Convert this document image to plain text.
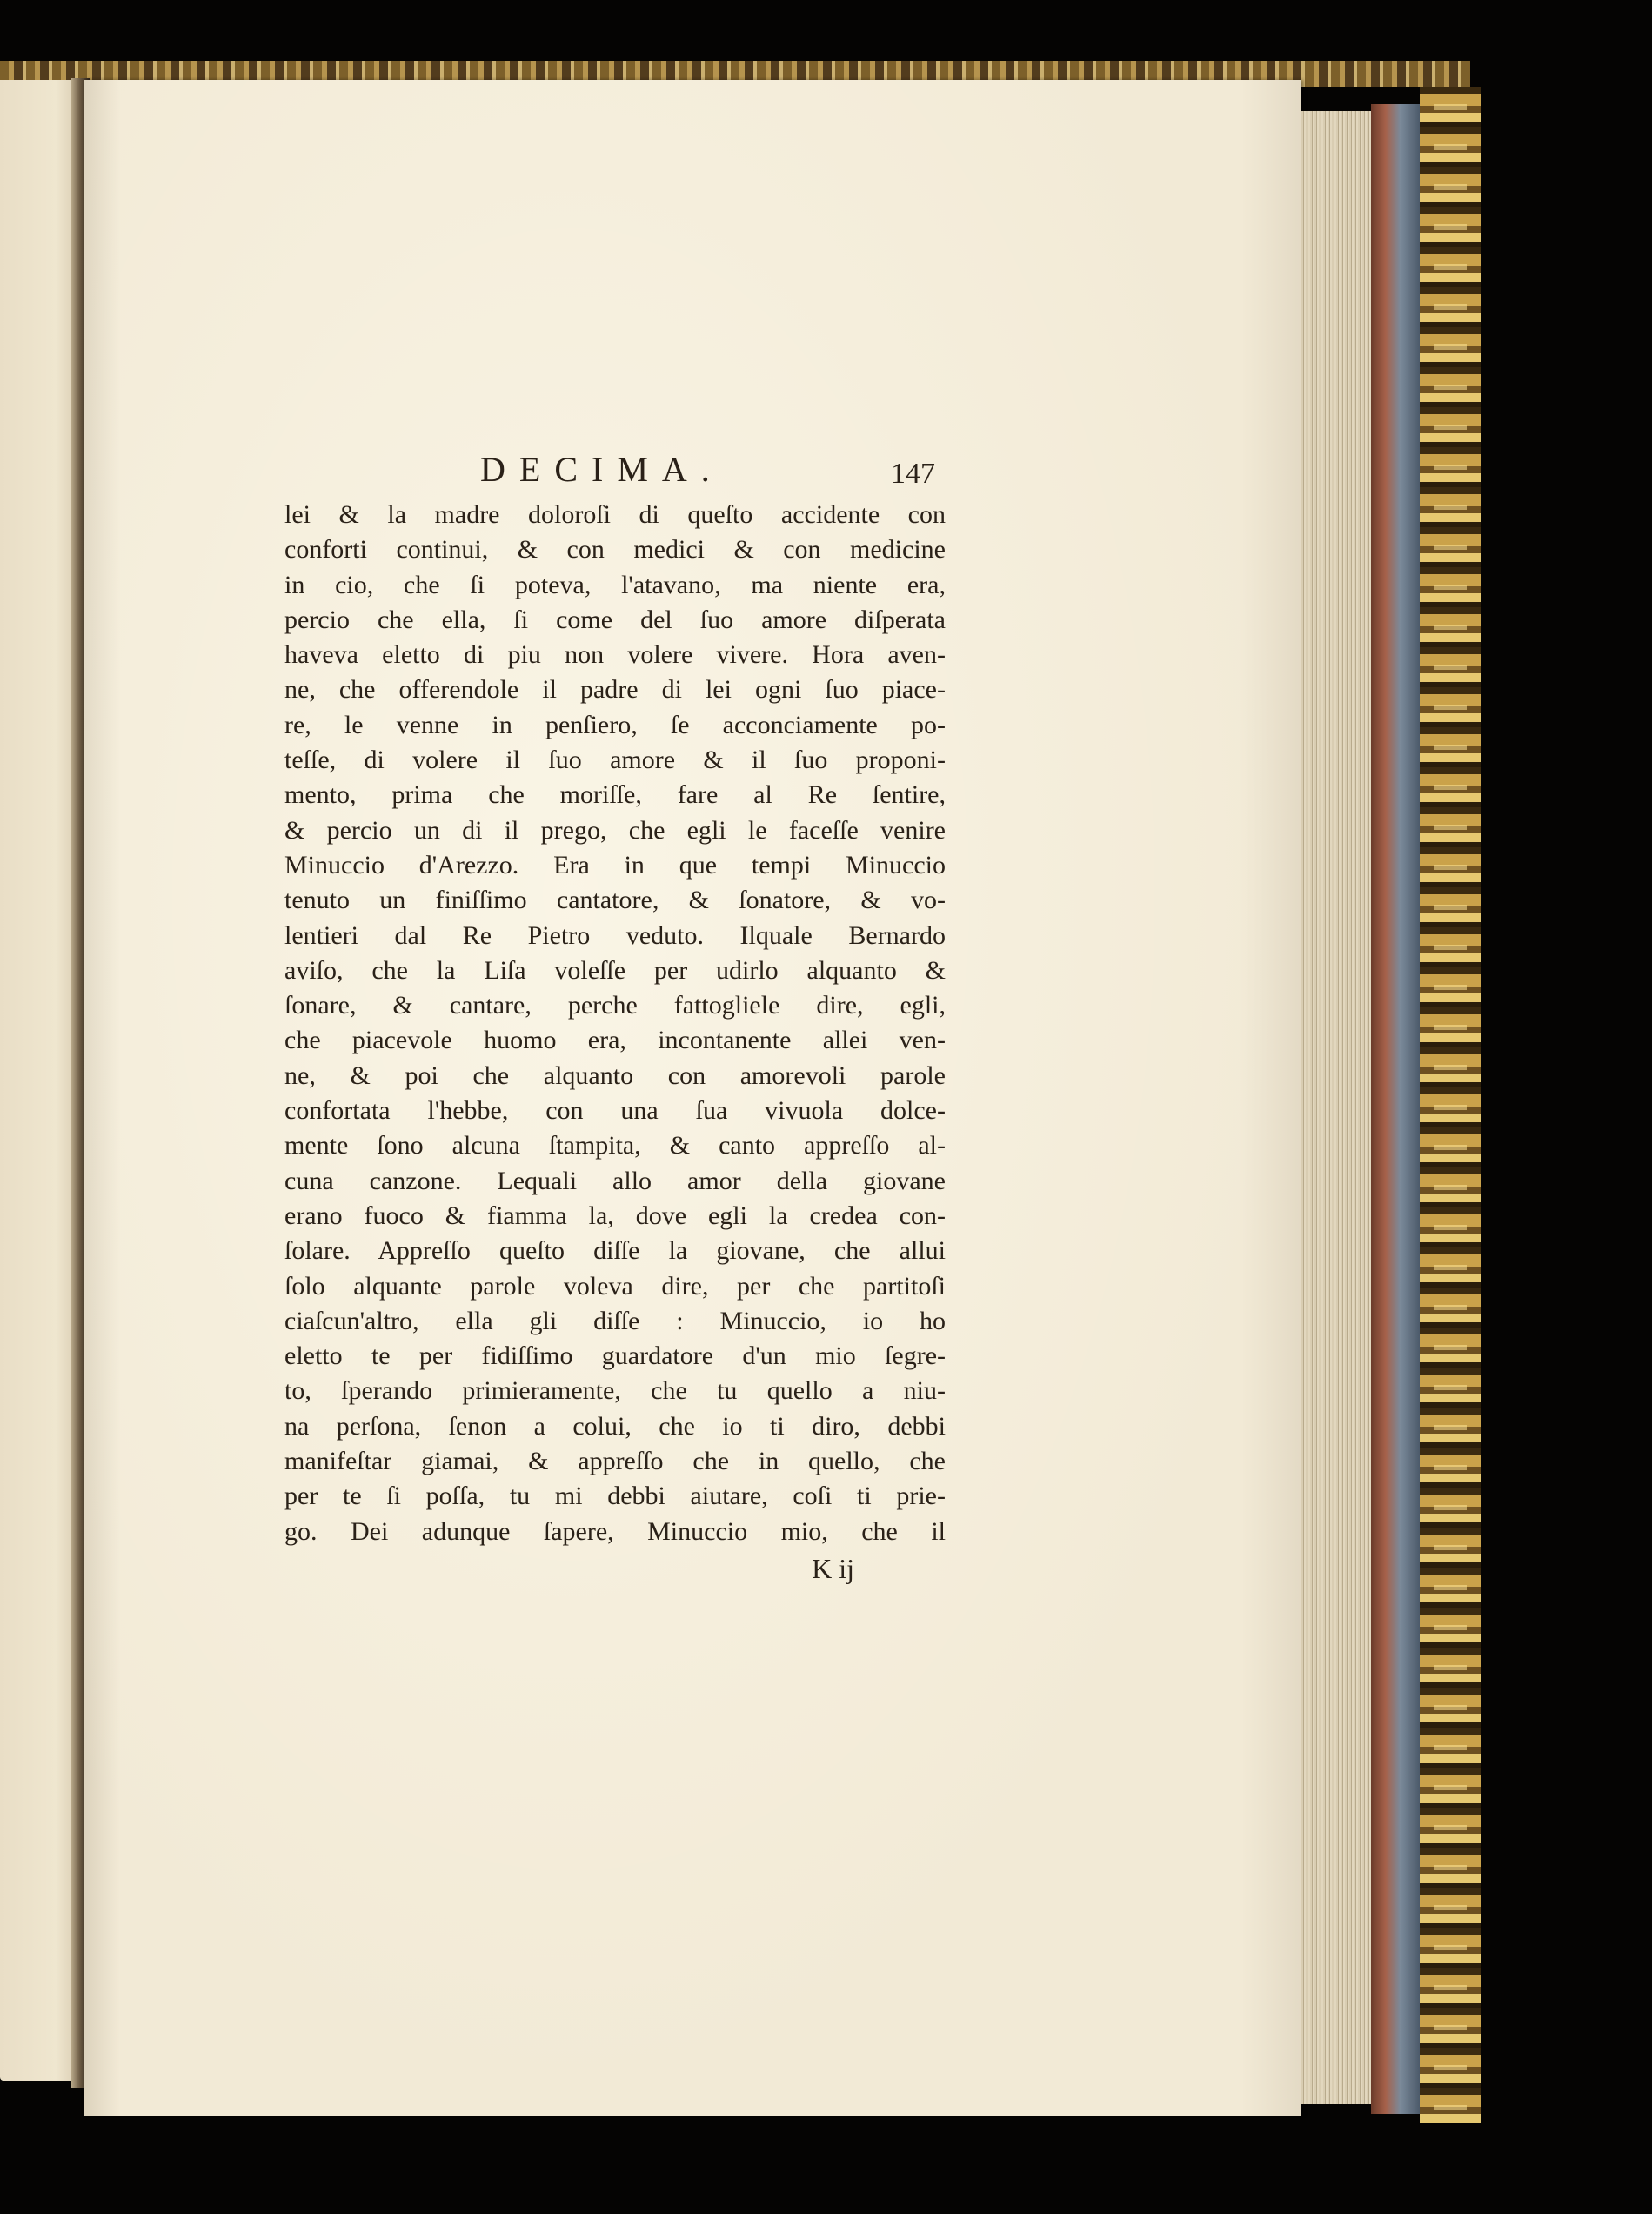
DECIMA.	147
lei & la madre doloroſi di queſto accidente con
conforti continui, & con medici & con medicine
in cio, che ſi poteva, l'atavano, ma niente era,
percio che ella, ſi come del ſuo amore diſperata
haveva eletto di piu non volere vivere. Hora aven-
ne, che offerendole il padre di lei ogni ſuo piace-
re, le venne in penſiero, ſe acconciamente po-
teſſe, di volere il ſuo amore & il ſuo proponi-
mento, prima che moriſſe, fare al Re ſentire,
& percio un di il prego, che egli le faceſſe venire
Minuccio d'Arezzo. Era in que tempi Minuccio
tenuto un finiſſimo cantatore, & ſonatore, & vo-
lentieri dal Re Pietro veduto. Ilquale Bernardo
aviſo, che la Liſa voleſſe per udirlo alquanto &
ſonare, & cantare, perche fattogliele dire, egli,
che piacevole huomo era, incontanente allei ven-
ne, & poi che alquanto con amorevoli parole
confortata l'hebbe, con una ſua vivuola dolce-
mente ſono alcuna ſtampita, & canto appreſſo al-
cuna canzone. Lequali allo amor della giovane
erano fuoco & fiamma la, dove egli la credea con-
ſolare. Appreſſo queſto diſſe la giovane, che allui
ſolo alquante parole voleva dire, per che partitoſi
ciaſcun'altro, ella gli diſſe : Minuccio, io ho
eletto te per fidiſſimo guardatore d'un mio ſegre-
to, ſperando primieramente, che tu quello a niu-
na perſona, ſenon a colui, che io ti diro, debbi
manifeſtar giamai, & appreſſo che in quello, che
per te ſi poſſa, tu mi debbi aiutare, coſi ti prie-
go. Dei adunque ſapere, Minuccio mio, che il
K ij
